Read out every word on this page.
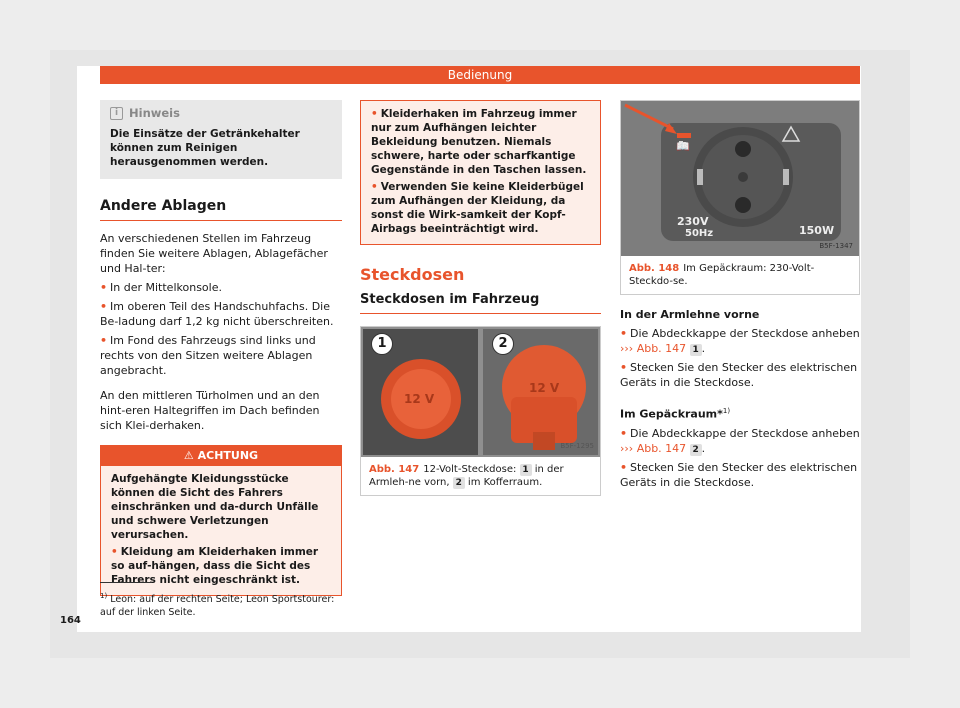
Bedienung
i Hinweis
Die Einsätze der Getränkehalter können zum Reinigen herausgenommen werden.
Andere Ablagen

An verschiedenen Stellen im Fahrzeug finden Sie weitere Ablagen, Ablagefächer und Hal-ter:

• In der Mittelkonsole.
• Im oberen Teil des Handschuhfachs. Die Be-ladung darf 1,2 kg nicht überschreiten.
• Im Fond des Fahrzeugs sind links und rechts von den Sitzen weitere Ablagen angebracht.

An den mittleren Türholmen und an den hint-eren Haltegriffen im Dach befinden sich Klei-derhaken.

⚠ ACHTUNG
Aufgehängte Kleidungsstücke können die Sicht des Fahrers einschränken und da-durch Unfälle und schwere Verletzungen verursachen.
• Kleidung am Kleiderhaken immer so auf-hängen, dass die Sicht des Fahrers nicht eingeschränkt ist.
• Kleiderhaken im Fahrzeug immer nur zum Aufhängen leichter Bekleidung benutzen. Niemals schwere, harte oder scharfkantige Gegenstände in den Taschen lassen.
• Verwenden Sie keine Kleiderbügel zum Aufhängen der Kleidung, da sonst die Wirk-samkeit der Kopf-Airbags beeinträchtigt wird.
Steckdosen
Steckdosen im Fahrzeug
1	2
12 V
12 V
B5F-1295
Abb. 147 12-Volt-Steckdose: 1 in der Armleh-ne vorn, 2 im Kofferraum.
📖
230V
50Hz	150W
B5F-1347
Abb. 148 Im Gepäckraum: 230-Volt-Steckdo-se.
In der Armlehne vorne
• Die Abdeckkappe der Steckdose anheben
››› Abb. 147 1 .
• Stecken Sie den Stecker des elektrischen Geräts in die Steckdose.
Im Gepäckraum*$^{1)}$
• Die Abdeckkappe der Steckdose anheben
››› Abb. 147 2 .
• Stecken Sie den Stecker des elektrischen Geräts in die Steckdose.
$^{1)}$ Leon: auf der rechten Seite; Leon Sportstourer: auf der linken Seite.
164
